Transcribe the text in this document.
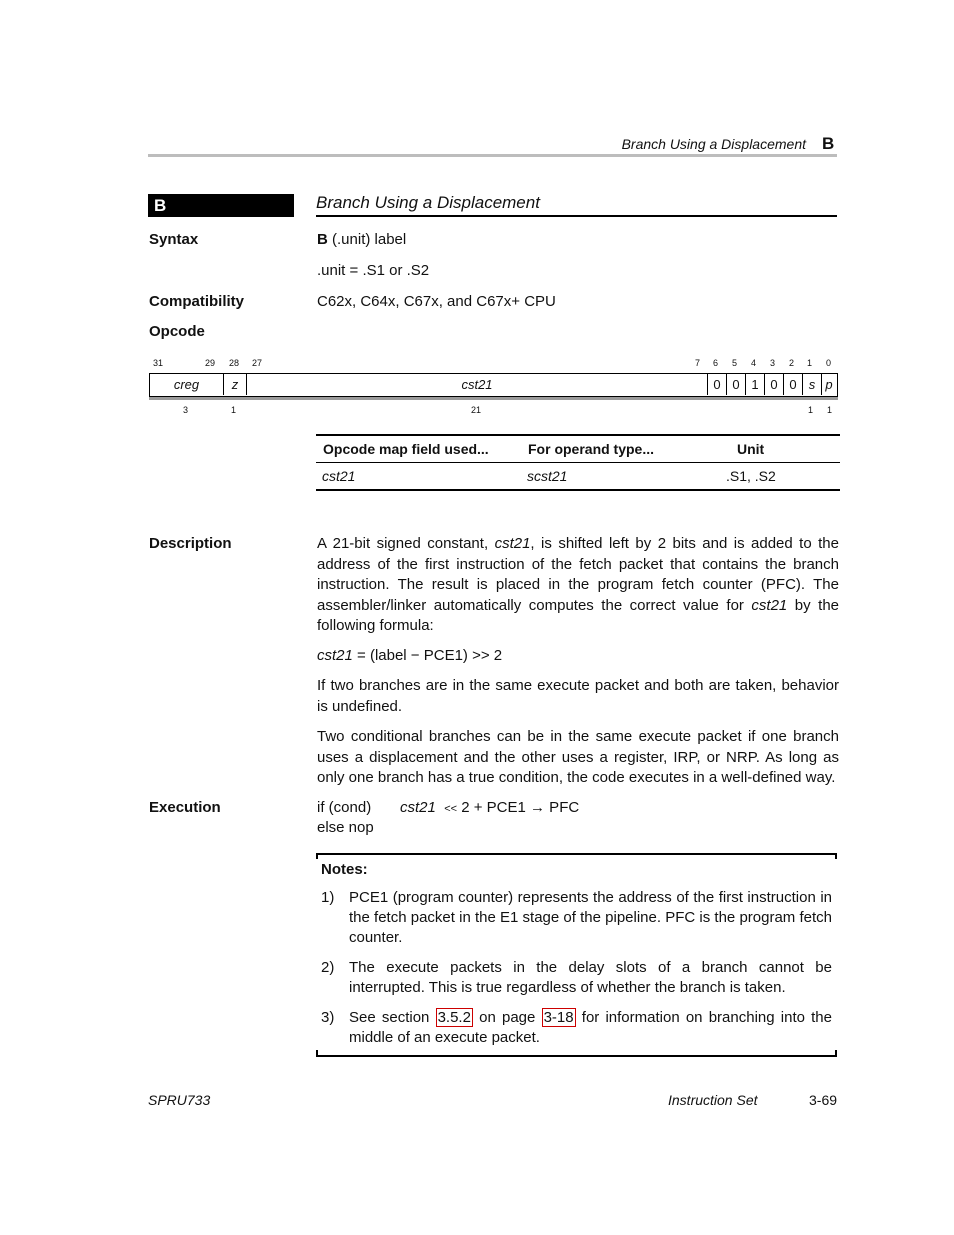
Branch Using a Displacement B
B	Branch Using a Displacement
Syntax	B (.unit) label
.unit = .S1 or .S2
Compatibility	C62x, C64x, C67x, and C67x+ CPU
Opcode
31	29 28 27	7 6 5 4 3 2 1 0
creg	z	cst21	0 0 1 0 0 s p
3	1	21	1 1
Opcode map field used...	For operand type...	Unit
cst21	scst21	.S1, .S2
Description	A 21-bit signed constant, cst21, is shifted left by 2 bits and is added to the address of the first instruction of the fetch packet that contains the branch instruction. The result is placed in the program fetch counter (PFC). The assembler/linker automatically computes the correct value for cst21 by the following formula:
cst21 = (label − PCE1) >> 2
If two branches are in the same execute packet and both are taken, behavior is undefined.
Two conditional branches can be in the same execute packet if one branch uses a displacement and the other uses a register, IRP, or NRP. As long as only one branch has a true condition, the code executes in a well-defined way.
Execution	if (cond) cst21 << 2 + PCE1 → PFC
else nop
Notes:
1) PCE1 (program counter) represents the address of the first instruction in the fetch packet in the E1 stage of the pipeline. PFC is the program fetch counter.
2) The execute packets in the delay slots of a branch cannot be interrupted. This is true regardless of whether the branch is taken.
3) See section 3.5.2 on page 3-18 for information on branching into the middle of an execute packet.
SPRU733	Instruction Set	3-69
